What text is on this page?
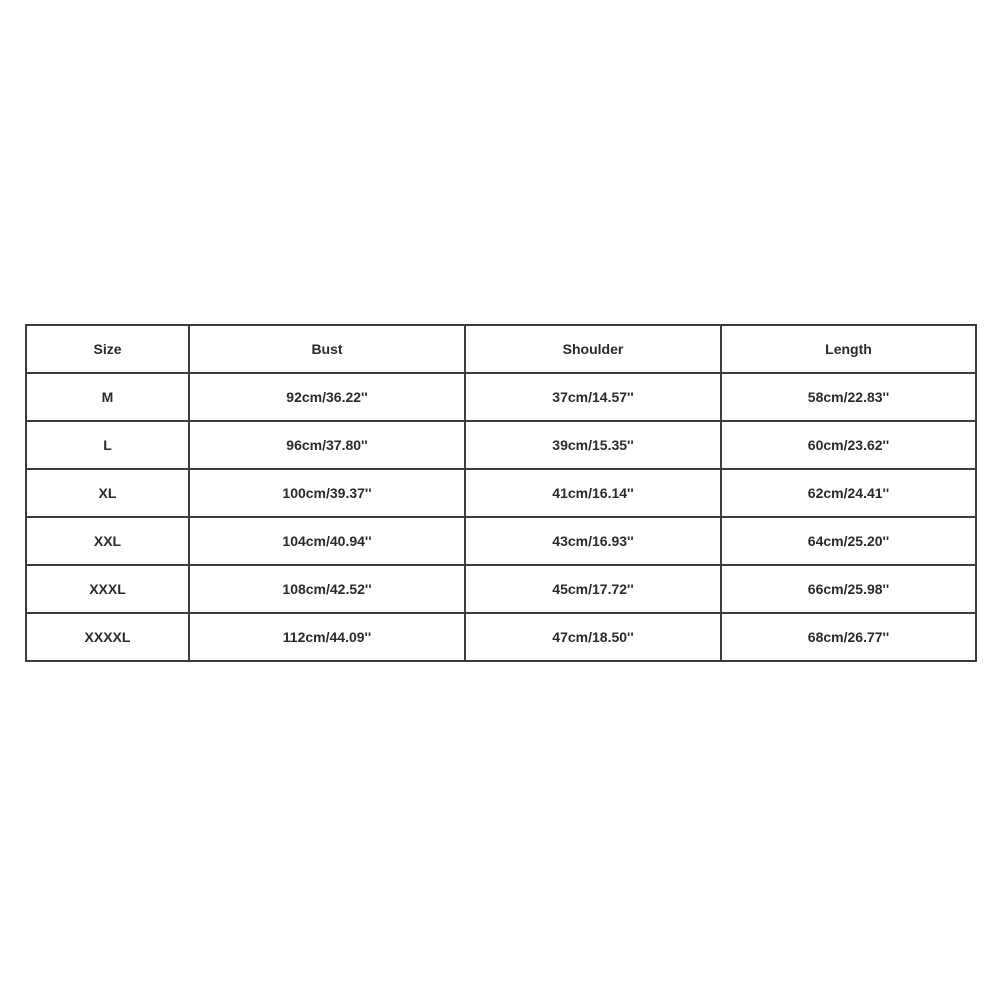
Size	Bust	Shoulder	Length
M	92cm/36.22''	37cm/14.57''	58cm/22.83''
L	96cm/37.80''	39cm/15.35''	60cm/23.62''
XL	100cm/39.37''	41cm/16.14''	62cm/24.41''
XXL	104cm/40.94''	43cm/16.93''	64cm/25.20''
XXXL	108cm/42.52''	45cm/17.72''	66cm/25.98''
XXXXL	112cm/44.09''	47cm/18.50''	68cm/26.77''
